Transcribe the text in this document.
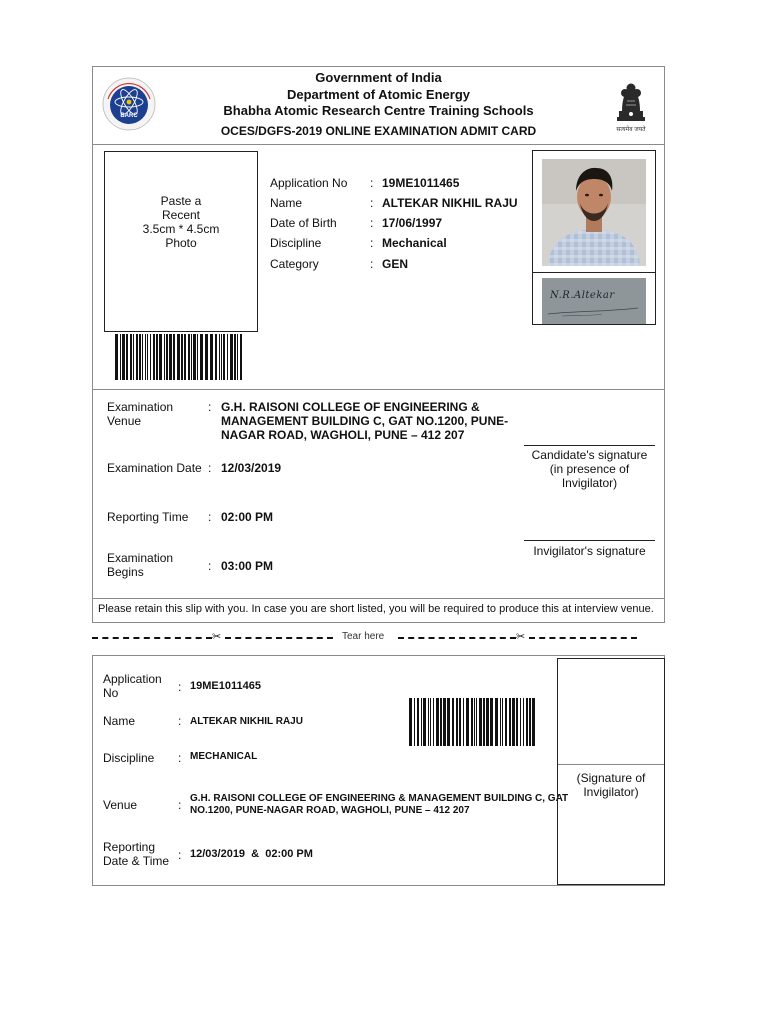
BARC
Government of India
Department of Atomic Energy
Bhabha Atomic Research Centre Training Schools
OCES/DGFS-2019 ONLINE EXAMINATION ADMIT CARD	सत्यमेव जयते
Paste a
Recent
3.5cm * 4.5cm
Photo
Application No : 19ME1011465
Name	: ALTEKAR NIKHIL RAJU
Date of Birth	: 17/06/1997
Discipline	: Mechanical
Category	: GEN
N.R.Altekar
Examination
Venue
: G.H. RAISONI COLLEGE OF ENGINEERING &
MANAGEMENT BUILDING C, GAT NO.1200, PUNE-
NAGAR ROAD, WAGHOLI, PUNE – 412 207
Examination Date : 12/03/2019
Reporting Time : 02:00 PM
Examination
Begins	: 03:00 PM
Candidate's signature
(in presence of
Invigilator)
Invigilator's signature
Please retain this slip with you. In case you are short listed, you will be required to produce this at interview venue.
✂	Tear here	✂
Application
No	: 19ME1011465
Name	: ALTEKAR NIKHIL RAJU
Discipline : MECHANICAL
Venue	: G.H. RAISONI COLLEGE OF ENGINEERING & MANAGEMENT BUILDING C, GAT
NO.1200, PUNE-NAGAR ROAD, WAGHOLI, PUNE – 412 207
Reporting
Date & Time : 12/03/2019  &  02:00 PM
(Signature of
Invigilator)
